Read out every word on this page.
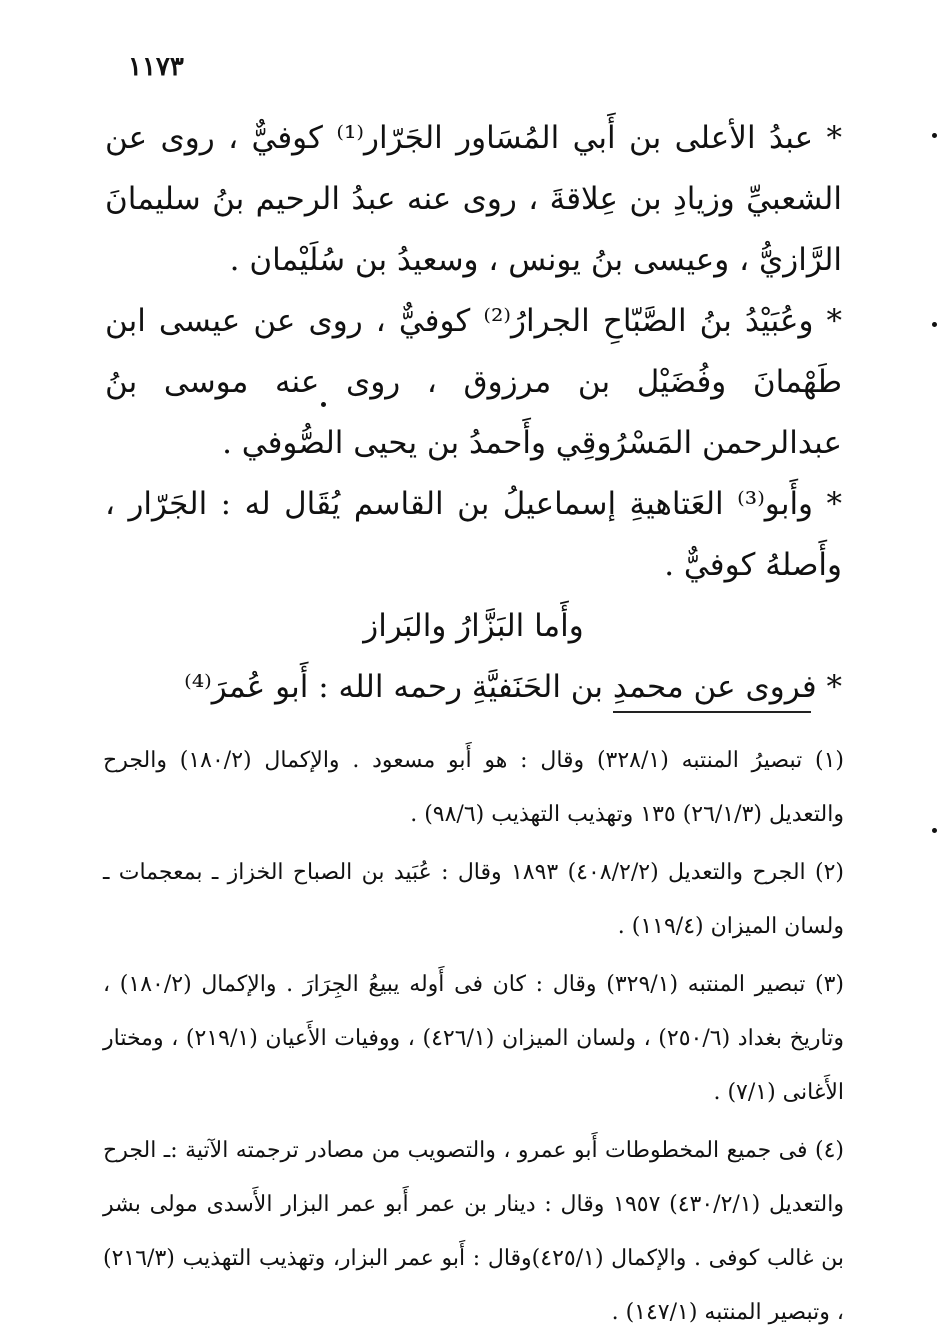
١١٧٣

* عبدُ الأعلى بن أَبي المُسَاور الجَرّار⁽¹⁾ كوفيٌّ ، روى عن الشعبيِّ وزيادِ بن عِلاقةَ ، روى عنه عبدُ الرحيم بنُ سليمانَ الرَّازيُّ ، وعيسى بنُ يونس ، وسعيدُ بن سُلَيْمان .

* وعُبَيْدُ بنُ الصَّبّاحِ الجرارُ⁽²⁾ كوفيٌّ ، روى عن عيسى ابن طَهْمانَ وفُضَيْل بن مرزوق ، روى عنه موسى بنُ عبدالرحمن المَسْرُوقِي وأَحمدُ بن يحيى الصُّوفي .

* وأَبو⁽³⁾ العَتاهيةِ إسماعيلُ بن القاسم يُقَال له : الجَرّار ، وأَصلهُ كوفيٌّ .

وأَما البَزَّارُ والبَراز

* فروى عن محمدِ بن الحَنَفيَّةِ رحمه الله : أَبو عُمرَ⁽⁴⁾

(١) تبصيرُ المنتبه (٣٢٨/١) وقال : هو أَبو مسعود . والإكمال (١٨٠/٢) والجرح والتعديل (٢٦/١/٣) ١٣٥ وتهذيب التهذيب (٩٨/٦) .

(٢) الجرح والتعديل (٤٠٨/٢/٢) ١٨٩٣ وقال : عُبَيد بن الصباح الخزاز ـ بمعجمات ـ ولسان الميزان (١١٩/٤) .

(٣) تبصير المنتبه (٣٢٩/١) وقال : كان فى أَوله يبيعُ الجِرَارَ . والإكمال (١٨٠/٢) ، وتاريخ بغداد (٢٥٠/٦) ، ولسان الميزان (٤٢٦/١) ، ووفيات الأَعيان (٢١٩/١) ، ومختار الأَغانى (٧/١) .

(٤) فى جميع المخطوطات أَبو عمرو ، والتصويب من مصادر ترجمته الآتية :ـ الجرح والتعديل (٤٣٠/٢/١) ١٩٥٧ وقال : دينار بن عمر أَبو عمر البزار الأَسدى مولى بشر بن غالب كوفى . والإكمال (٤٢٥/١)وقال : أَبو عمر البزار، وتهذيب التهذيب (٢١٦/٣) ، وتبصير المنتبه (١٤٧/١) .
